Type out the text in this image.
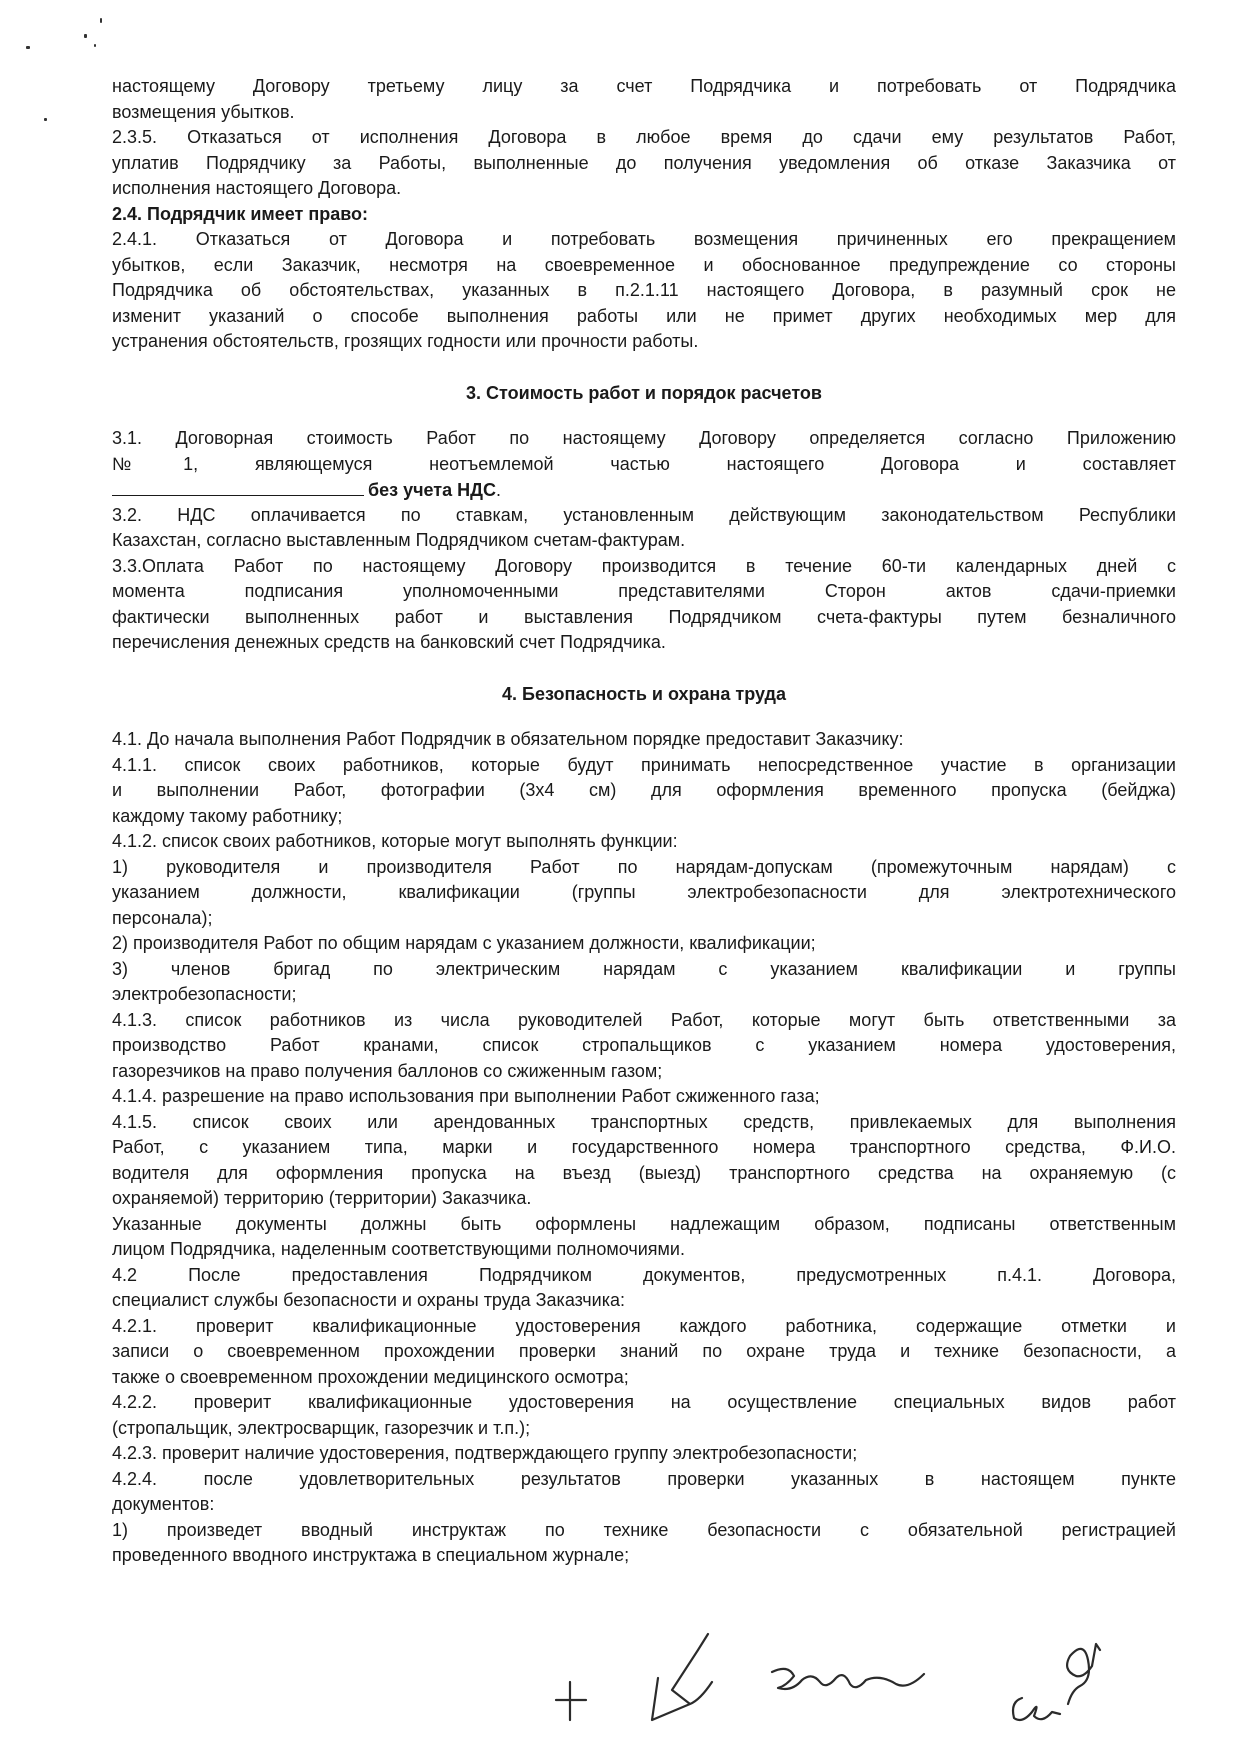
настоящему Договору третьему лицу за счет Подрядчика и потребовать от Подрядчика
возмещения убытков.
2.3.5. Отказаться от исполнения Договора в любое время до сдачи ему результатов Работ,
уплатив Подрядчику за Работы, выполненные до получения уведомления об отказе Заказчика от
исполнения настоящего Договора.
2.4. Подрядчик имеет право:
2.4.1. Отказаться от Договора и потребовать возмещения причиненных его прекращением
убытков, если Заказчик, несмотря на своевременное и обоснованное предупреждение со стороны
Подрядчика об обстоятельствах, указанных в п.2.1.11 настоящего Договора, в разумный срок не
изменит указаний о способе выполнения работы или не примет других необходимых мер для
устранения обстоятельств, грозящих годности или прочности работы.
3. Стоимость работ и порядок расчетов
3.1. Договорная стоимость Работ по настоящему Договору определяется согласно Приложению
№1, являющемуся неотъемлемой частью настоящего Договора и составляет
без учета НДС.
3.2. НДС оплачивается по ставкам, установленным действующим законодательством Республики
Казахстан, согласно выставленным Подрядчиком счетам-фактурам.
3.3.Оплата Работ по настоящему Договору производится в течение 60-ти календарных дней с
момента подписания уполномоченными представителями Сторон актов сдачи-приемки
фактически выполненных работ и выставления Подрядчиком счета-фактуры путем безналичного
перечисления денежных средств на банковский счет Подрядчика.
4. Безопасность и охрана труда
4.1. До начала выполнения Работ Подрядчик в обязательном порядке предоставит Заказчику:
4.1.1. список своих работников, которые будут принимать непосредственное участие в организации
и выполнении Работ, фотографии (3х4 см) для оформления временного пропуска (бейджа)
каждому такому работнику;
4.1.2. список своих работников, которые могут выполнять функции:
1) руководителя и производителя Работ по нарядам-допускам (промежуточным нарядам) с
указанием должности, квалификации (группы электробезопасности для электротехнического
персонала);
2) производителя Работ по общим нарядам с указанием должности, квалификации;
3) членов бригад по электрическим нарядам с указанием квалификации и группы
электробезопасности;
4.1.3. список работников из числа руководителей Работ, которые могут быть ответственными за
производство Работ кранами, список стропальщиков с указанием номера удостоверения,
газорезчиков на право получения баллонов со сжиженным газом;
4.1.4. разрешение на право использования при выполнении Работ сжиженного газа;
4.1.5. список своих или арендованных транспортных средств, привлекаемых для выполнения
Работ, с указанием типа, марки и государственного номера транспортного средства, Ф.И.О.
водителя для оформления пропуска на въезд (выезд) транспортного средства на охраняемую (с
охраняемой) территорию (территории) Заказчика.
Указанные документы должны быть оформлены надлежащим образом, подписаны ответственным
лицом Подрядчика, наделенным соответствующими полномочиями.
4.2 После предоставления Подрядчиком документов, предусмотренных п.4.1. Договора,
специалист службы безопасности и охраны труда Заказчика:
4.2.1. проверит квалификационные удостоверения каждого работника, содержащие отметки и
записи о своевременном прохождении проверки знаний по охране труда и технике безопасности, а
также о своевременном прохождении медицинского осмотра;
4.2.2. проверит квалификационные удостоверения на осуществление специальных видов работ
(стропальщик, электросварщик, газорезчик и т.п.);
4.2.3. проверит наличие удостоверения, подтверждающего группу электробезопасности;
4.2.4. после удовлетворительных результатов проверки указанных в настоящем пункте
документов:
1) произведет вводный инструктаж по технике безопасности с обязательной регистрацией
проведенного вводного инструктажа в специальном журнале;
